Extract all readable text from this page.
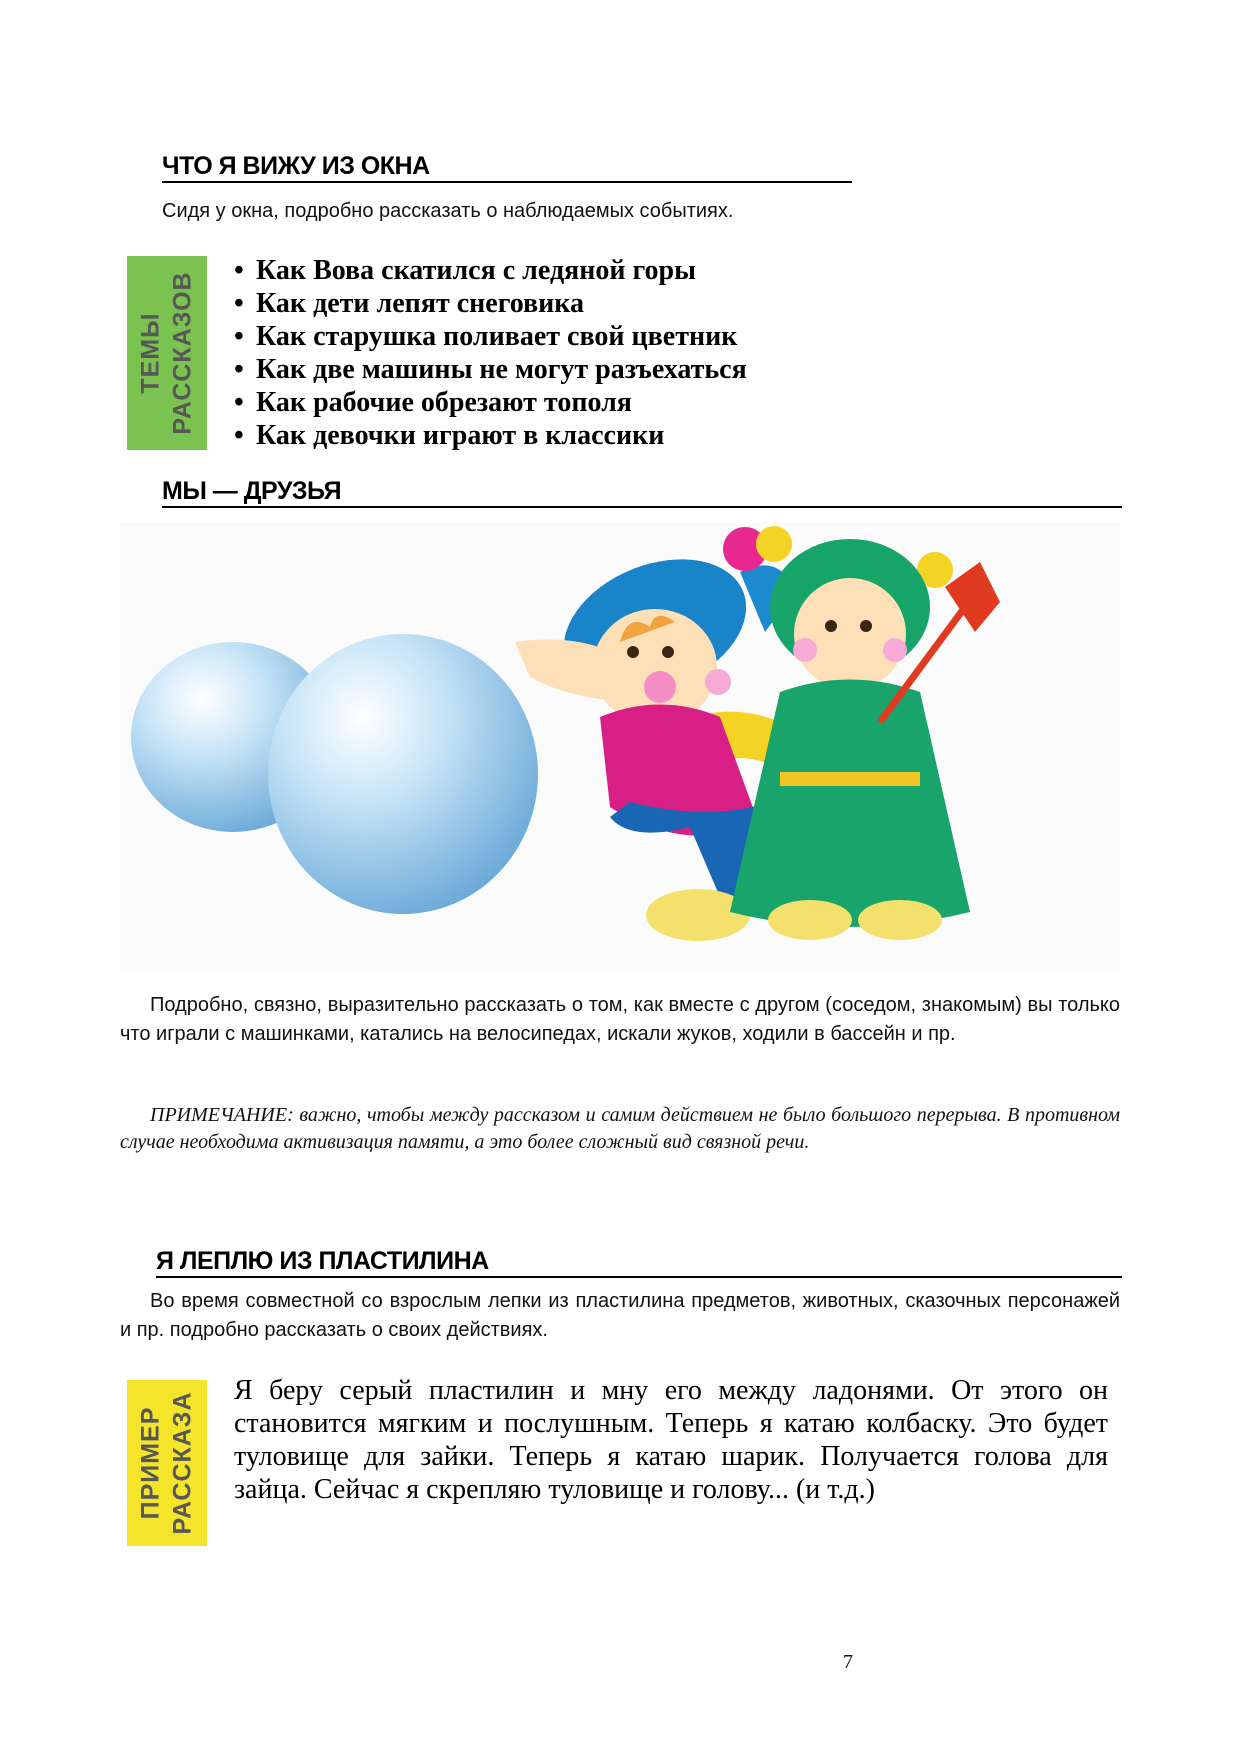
ЧТО Я ВИЖУ ИЗ ОКНА

Сидя у окна, подробно рассказать о наблюдаемых событиях.

ТЕМЫ РАССКАЗОВ
• Как Вова скатился с ледяной горы
• Как дети лепят снеговика
• Как старушка поливает свой цветник
• Как две машины не могут разъехаться
• Как рабочие обрезают тополя
• Как девочки играют в классики
МЫ — ДРУЗЬЯ

Подробно, связно, выразительно рассказать о том, как вместе с другом (соседом, знакомым) вы только что играли с машинками, катались на велосипедах, искали жуков, ходили в бассейн и пр.

ПРИМЕЧАНИЕ: важно, чтобы между рассказом и самим действием не было большого перерыва. В противном случае необходима активизация памяти, а это более сложный вид связной речи.

Я ЛЕПЛЮ ИЗ ПЛАСТИЛИНА

Во время совместной со взрослым лепки из пластилина предметов, животных, сказочных персонажей и пр. подробно рассказать о своих действиях.

ПРИМЕР РАССКАЗА

Я беру серый пластилин и мну его между ладонями. От этого он становится мягким и послушным. Теперь я катаю колбаску. Это будет туловище для зайки. Теперь я катаю шарик. Получается голова для зайца. Сейчас я скрепляю туловище и голову... (и т.д.)

7
